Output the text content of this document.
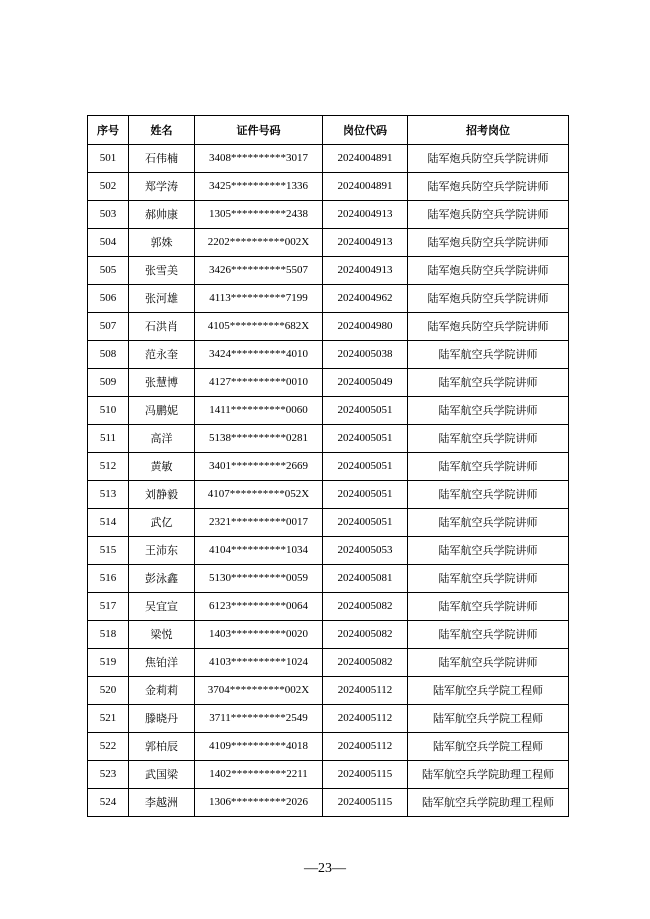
序号	姓名	证件号码	岗位代码	招考岗位
501	石伟楠	3408**********3017	2024004891	陆军炮兵防空兵学院讲师
502	郑学涛	3425**********1336	2024004891	陆军炮兵防空兵学院讲师
503	郝帅康	1305**********2438	2024004913	陆军炮兵防空兵学院讲师
504	郭姝	2202**********002X	2024004913	陆军炮兵防空兵学院讲师
505	张雪美	3426**********5507	2024004913	陆军炮兵防空兵学院讲师
506	张河雄	4113**********7199	2024004962	陆军炮兵防空兵学院讲师
507	石洪肖	4105**********682X	2024004980	陆军炮兵防空兵学院讲师
508	范永奎	3424**********4010	2024005038	陆军航空兵学院讲师
509	张慧博	4127**********0010	2024005049	陆军航空兵学院讲师
510	冯鹏妮	1411**********0060	2024005051	陆军航空兵学院讲师
511	高洋	5138**********0281	2024005051	陆军航空兵学院讲师
512	黄敏	3401**********2669	2024005051	陆军航空兵学院讲师
513	刘静毅	4107**********052X	2024005051	陆军航空兵学院讲师
514	武亿	2321**********0017	2024005051	陆军航空兵学院讲师
515	王沛东	4104**********1034	2024005053	陆军航空兵学院讲师
516	彭泳鑫	5130**********0059	2024005081	陆军航空兵学院讲师
517	吴宜宣	6123**********0064	2024005082	陆军航空兵学院讲师
518	梁悦	1403**********0020	2024005082	陆军航空兵学院讲师
519	焦铂洋	4103**********1024	2024005082	陆军航空兵学院讲师
520	金莉莉	3704**********002X	2024005112	陆军航空兵学院工程师
521	滕晓丹	3711**********2549	2024005112	陆军航空兵学院工程师
522	郭柏辰	4109**********4018	2024005112	陆军航空兵学院工程师
523	武国梁	1402**********2211	2024005115	陆军航空兵学院助理工程师
524	李越洲	1306**********2026	2024005115	陆军航空兵学院助理工程师
—23—
